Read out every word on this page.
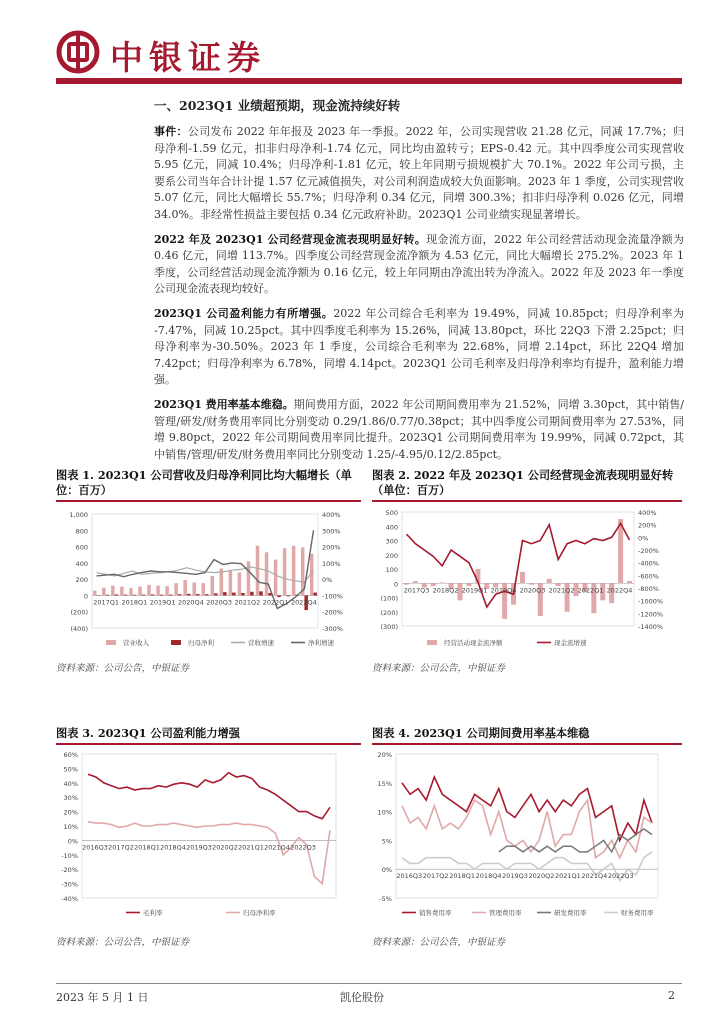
中银证券
一、2023Q1 业绩超预期，现金流持续好转

事件：公司发布 2022 年年报及 2023 年一季报。2022 年，公司实现营收 21.28 亿元，同减 17.7%；归母净利-1.59 亿元，扣非归母净利-1.74 亿元，同比均由盈转亏；EPS-0.42 元。其中四季度公司实现营收 5.95 亿元，同减 10.4%；归母净利-1.81 亿元，较上年同期亏损规模扩大 70.1%。2022 年公司亏损，主要系公司当年合计计提 1.57 亿元减值损失，对公司利润造成较大负面影响。2023 年 1 季度，公司实现营收 5.07 亿元，同比大幅增长 55.7%；归母净利 0.34 亿元，同增 300.3%；扣非归母净利 0.026 亿元，同增 34.0%。非经常性损益主要包括 0.34 亿元政府补助。2023Q1 公司业绩实现显著增长。

2022 年及 2023Q1 公司经营现金流表现明显好转。现金流方面，2022 年公司经营活动现金流量净额为 0.46 亿元，同增 113.7%。四季度公司经营现金流净额为 4.53 亿元，同比大幅增长 275.2%。2023 年 1 季度，公司经营活动现金流净额为 0.16 亿元，较上年同期由净流出转为净流入。2022 年及 2023 年一季度公司现金流表现均较好。

2023Q1 公司盈利能力有所增强。2022 年公司综合毛利率为 19.49%，同减 10.85pct；归母净利率为 -7.47%，同减 10.25pct。其中四季度毛利率为 15.26%，同减 13.80pct，环比 22Q3 下滑 2.25pct；归母净利率为-30.50%。2023 年 1 季度，公司综合毛利率为 22.68%，同增 2.14pct，环比 22Q4 增加 7.42pct；归母净利率为 6.78%，同增 4.14pct。2023Q1 公司毛利率及归母净利率均有提升，盈利能力增强。

2023Q1 费用率基本维稳。期间费用方面，2022 年公司期间费用率为 21.52%，同增 3.30pct，其中销售/管理/研发/财务费用率同比分别变动 0.29/1.86/0.77/0.38pct；其中四季度公司期间费用率为 27.53%，同增 9.80pct，2022 年公司期间费用率同比提升。2023Q1 公司期间费用率为 19.99%，同减 0.72pct，其中销售/管理/研发/财务费用率同比分别变动 1.25/-4.95/0.12/2.85pct。

图表 1. 2023Q1 公司营收及归母净利同比均大幅增长（单位：百万）
图表 2. 2022 年及 2023Q1 公司经营现金流表现明显好转（单位：百万）
1,000
800
600
400
200
0
(200)
(400)
400%
300%
200%
100%
0%
-100%
-200%
-300%
2017Q1 2018Q1 2019Q1 2020Q4 2020Q3 2021Q2 2022Q1 2022Q4
营业收入	归母净利	营收增速	净利增速
500
400
300
200
100
0
(100)
(200)
(300)
400%
200%
0%
-200%
-400%
-600%
-800%
-1000%
-1200%
-1400%
2017Q3 2018Q2 2019Q1 2019Q4 2020Q3 2021Q2 2022Q1 2022Q4
经营活动现金流净额	现金流增速
资料来源：公司公告，中银证券	资料来源：公司公告，中银证券
图表 3. 2023Q1 公司盈利能力增强	图表 4. 2023Q1 公司期间费用率基本维稳
60%
50%
40%
30%
20%
10%
0%
-10%
-20%
-30%
-40%
2016Q3 2017Q2 2018Q1 2018Q4 2019Q3 2020Q2 2021Q1 2021Q4 2022Q3
毛利率	归母净利率
20%
15%
10%
5%
0%
-5%
2016Q3 2017Q2 2018Q1 2018Q4 2019Q3 2020Q2 2021Q1 2021Q4 2022Q3
销售费用率	管理费用率	研发费用率	财务费用率
资料来源：公司公告，中银证券	资料来源：公司公告，中银证券
2023 年 5 月 1 日	凯伦股份	2
